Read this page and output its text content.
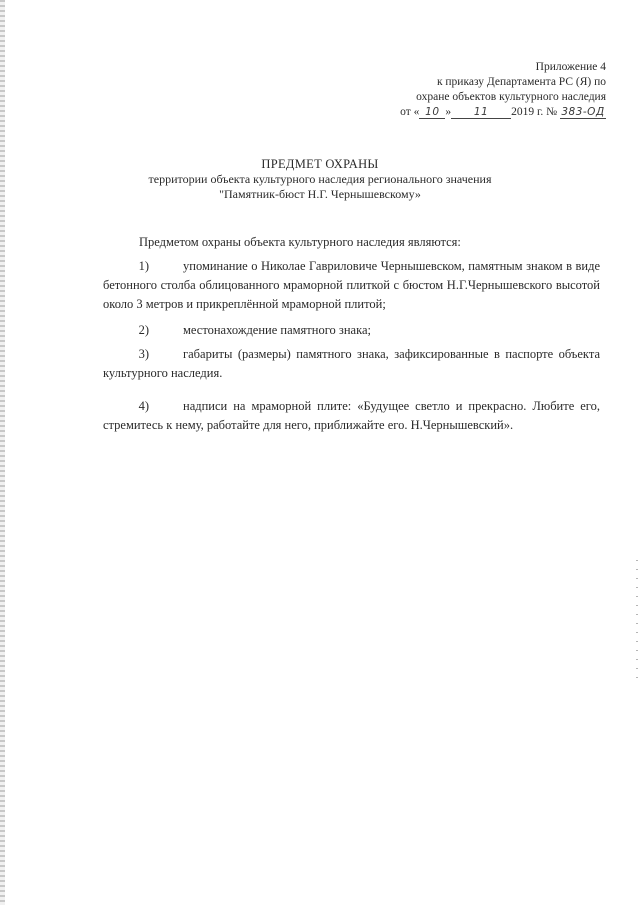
Приложение 4
к приказу Департамента РС (Я) по
охране объектов культурного наследия
от « 10 » 11 2019 г. № 383-ОД
ПРЕДМЕТ ОХРАНЫ
территории объекта культурного наследия регионального значения
"Памятник-бюст Н.Г. Чернышевскому»
Предметом охраны объекта культурного наследия являются:
1)	упоминание о Николае Гавриловиче Чернышевском, памятным знаком в виде бетонного столба облицованного мраморной плиткой с бюстом Н.Г.Чернышевского высотой около 3 метров и прикреплённой мраморной плитой;
2)	местонахождение памятного знака;
3)	габариты (размеры) памятного знака, зафиксированные в паспорте объекта культурного наследия.
4)	надписи на мраморной плите: «Будущее светло и прекрасно. Любите его, стремитесь к нему, работайте для него, приближайте его. Н.Чернышевский».
